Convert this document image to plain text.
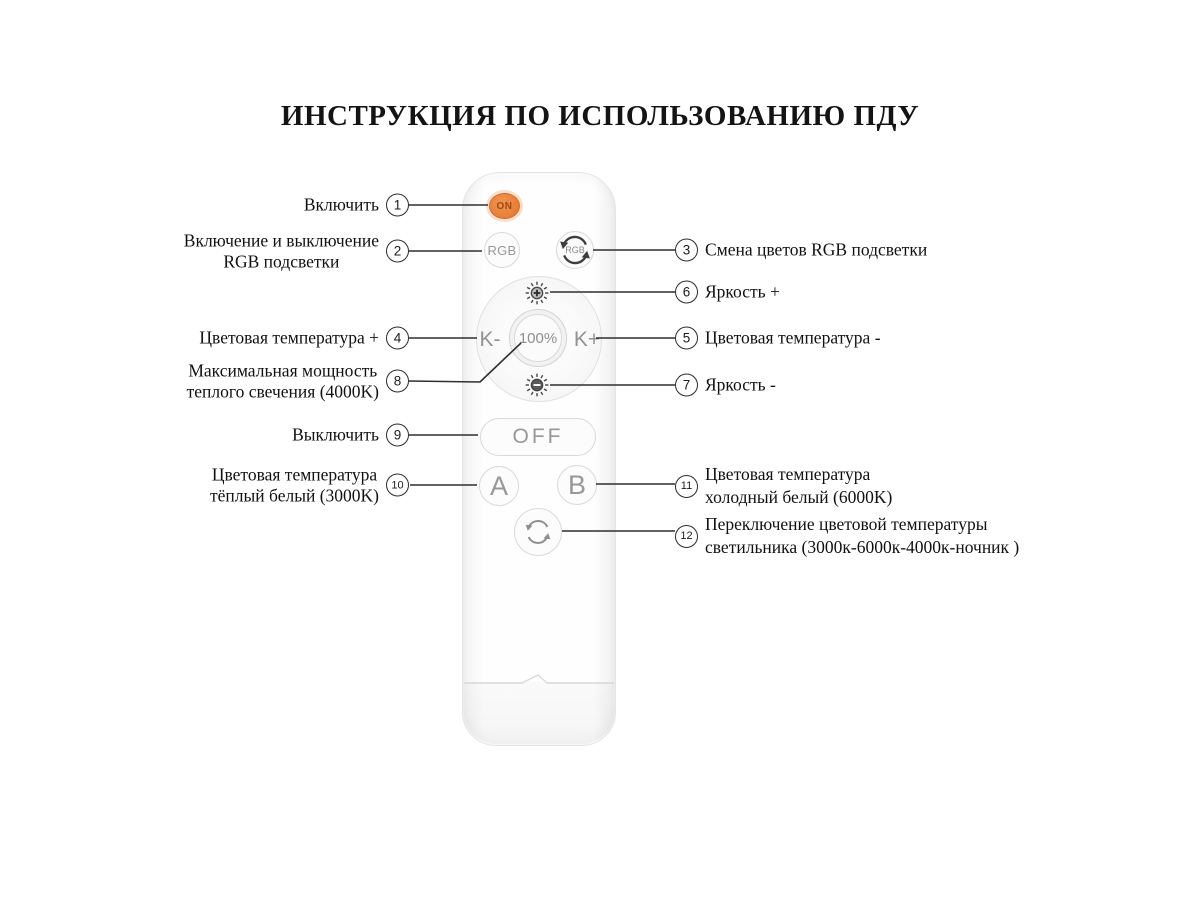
ИНСТРУКЦИЯ ПО ИСПОЛЬЗОВАНИЮ ПДУ
ON
RGB	RGB
100%
K-	K+
OFF
A	B
Включить	1
Включение и выключение
RGB подсветки	2
Цветовая температура +	4
Максимальная мощность
теплого свечения (4000K)	8
Выключить	9
Цветовая температура
тёплый белый (3000K)	10
3 Смена цветов RGB подсветки
6 Яркость +
5 Цветовая температура -
7 Яркость -
11
Цветовая температура
холодный белый (6000K)
12
Переключение цветовой температуры
светильника (3000к-6000к-4000к-ночник )
